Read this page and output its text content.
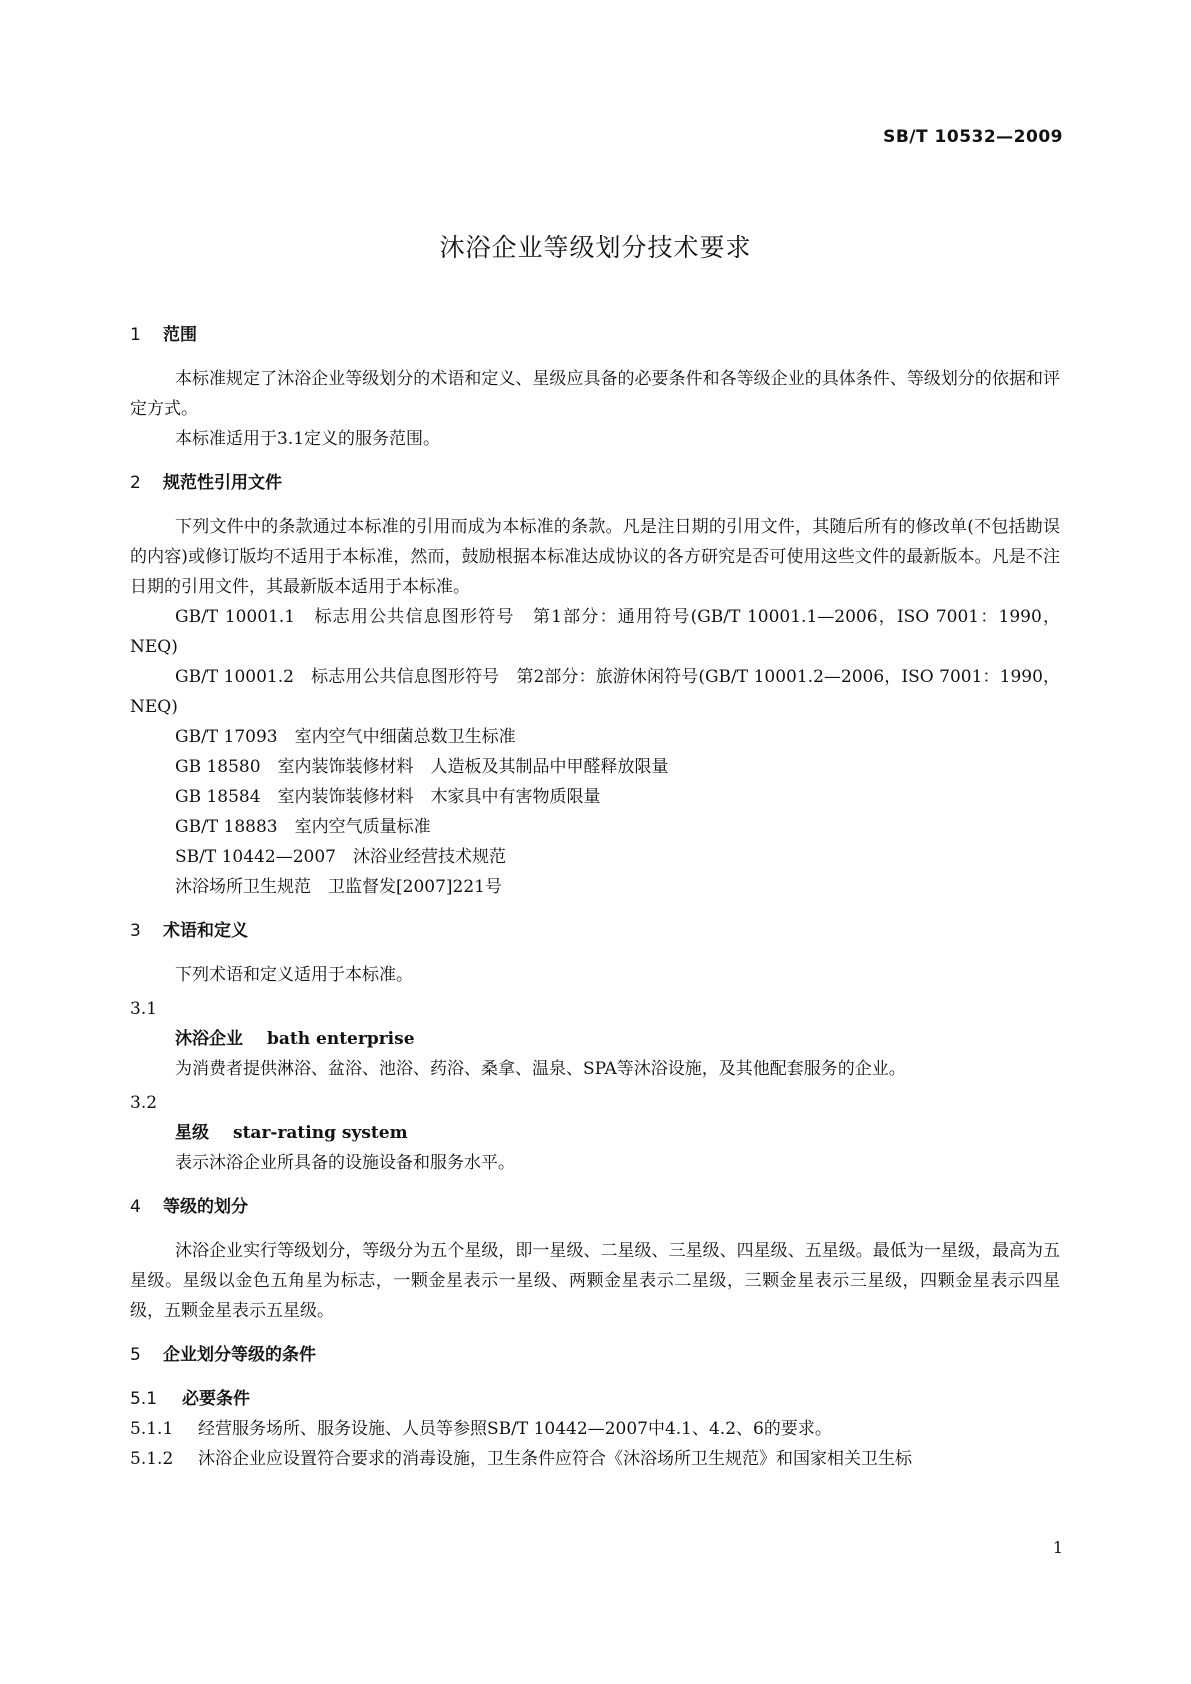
SB/T 10532—2009
沐浴企业等级划分技术要求
1 范围

本标准规定了沐浴企业等级划分的术语和定义、星级应具备的必要条件和各等级企业的具体条件、等级划分的依据和评定方式。

本标准适用于3.1定义的服务范围。

2 规范性引用文件

下列文件中的条款通过本标准的引用而成为本标准的条款。凡是注日期的引用文件，其随后所有的修改单(不包括勘误的内容)或修订版均不适用于本标准，然而，鼓励根据本标准达成协议的各方研究是否可使用这些文件的最新版本。凡是不注日期的引用文件，其最新版本适用于本标准。

GB/T 10001.1　标志用公共信息图形符号　第1部分：通用符号(GB/T 10001.1—2006，ISO 7001：1990，NEQ)

GB/T 10001.2　标志用公共信息图形符号　第2部分：旅游休闲符号(GB/T 10001.2—2006，ISO 7001：1990，NEQ)

GB/T 17093　室内空气中细菌总数卫生标准

GB 18580　室内装饰装修材料　人造板及其制品中甲醛释放限量

GB 18584　室内装饰装修材料　木家具中有害物质限量

GB/T 18883　室内空气质量标准

SB/T 10442—2007　沐浴业经营技术规范

沐浴场所卫生规范　卫监督发[2007]221号

3 术语和定义

下列术语和定义适用于本标准。

3.1
沐浴企业 bath enterprise

为消费者提供淋浴、盆浴、池浴、药浴、桑拿、温泉、SPA等沐浴设施，及其他配套服务的企业。

3.2
星级 star-rating system

表示沐浴企业所具备的设施设备和服务水平。

4 等级的划分

沐浴企业实行等级划分，等级分为五个星级，即一星级、二星级、三星级、四星级、五星级。最低为一星级，最高为五星级。星级以金色五角星为标志，一颗金星表示一星级、两颗金星表示二星级，三颗金星表示三星级，四颗金星表示四星级，五颗金星表示五星级。

5 企业划分等级的条件
5.1 必要条件

5.1.1 经营服务场所、服务设施、人员等参照SB/T 10442—2007中4.1、4.2、6的要求。

5.1.2 沐浴企业应设置符合要求的消毒设施，卫生条件应符合《沐浴场所卫生规范》和国家相关卫生标

1
